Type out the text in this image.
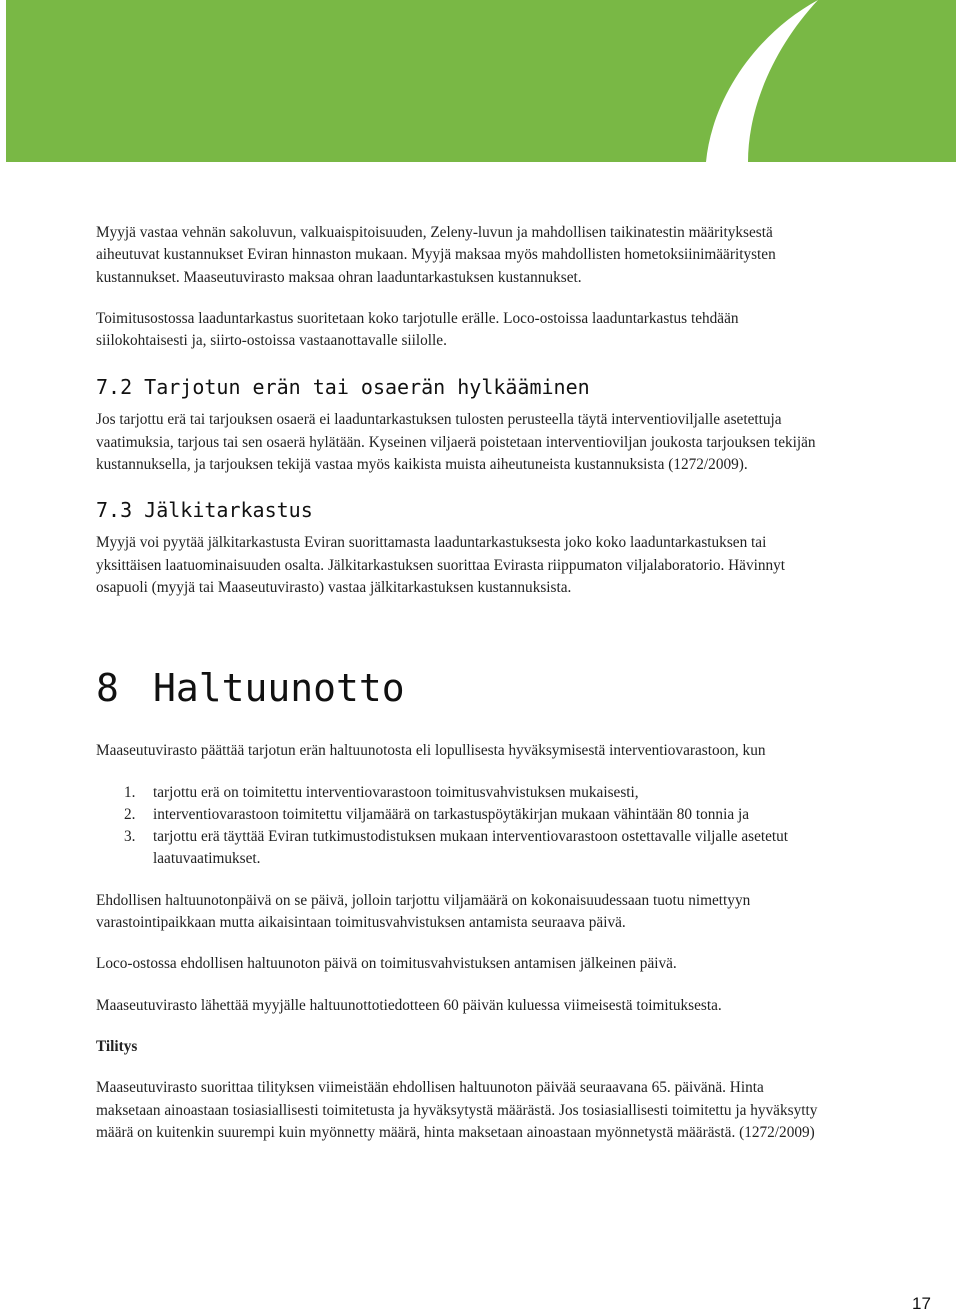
Myyjä vastaa vehnän sakoluvun, valkuaispitoisuuden, Zeleny-luvun ja mahdollisen taikinatestin määrityksestä aiheutuvat kustannukset Eviran hinnaston mukaan. Myyjä maksaa myös mahdollisten hometoksiinimääritysten kustannukset. Maaseutuvirasto maksaa ohran laaduntarkastuksen kustannukset.

Toimitusostossa laaduntarkastus suoritetaan koko tarjotulle erälle. Loco-ostoissa laaduntarkastus tehdään siilokohtaisesti ja, siirto-ostoissa vastaanottavalle siilolle.

7.2 Tarjotun erän tai osaerän hylkääminen

Jos tarjottu erä tai tarjouksen osaerä ei laaduntarkastuksen tulosten perusteella täytä interventioviljalle asetettuja vaatimuksia, tarjous tai sen osaerä hylätään. Kyseinen viljaerä poistetaan interventioviljan joukosta tarjouksen tekijän kustannuksella, ja tarjouksen tekijä vastaa myös kaikista muista aiheutuneista kustannuksista (1272/2009).

7.3 Jälkitarkastus

Myyjä voi pyytää jälkitarkastusta Eviran suorittamasta laaduntarkastuksesta joko koko laaduntarkastuksen tai yksittäisen laatuominaisuuden osalta. Jälkitarkastuksen suorittaa Evirasta riippumaton viljalaboratorio. Hävinnyt osapuoli (myyjä tai Maaseutuvirasto) vastaa jälkitarkastuksen kustannuksista.

8 Haltuunotto

Maaseutuvirasto päättää tarjotun erän haltuunotosta eli lopullisesta hyväksymisestä interventiovarastoon, kun

1. tarjottu erä on toimitettu interventiovarastoon toimitusvahvistuksen mukaisesti,
2. interventiovarastoon toimitettu viljamäärä on tarkastuspöytäkirjan mukaan vähintään 80 tonnia ja
3. tarjottu erä täyttää Eviran tutkimustodistuksen mukaan interventiovarastoon ostettavalle viljalle asetetut laatuvaatimukset.

Ehdollisen haltuunotonpäivä on se päivä, jolloin tarjottu viljamäärä on kokonaisuudessaan tuotu nimettyyn varastointipaikkaan mutta aikaisintaan toimitusvahvistuksen antamista seuraava päivä.

Loco-ostossa ehdollisen haltuunoton päivä on toimitusvahvistuksen antamisen jälkeinen päivä.

Maaseutuvirasto lähettää myyjälle haltuunottotiedotteen 60 päivän kuluessa viimeisestä toimituksesta.

Tilitys

Maaseutuvirasto suorittaa tilityksen viimeistään ehdollisen haltuunoton päivää seuraavana 65. päivänä. Hinta maksetaan ainoastaan tosiasiallisesti toimitetusta ja hyväksytystä määrästä. Jos tosiasiallisesti toimitettu ja hyväksytty määrä on kuitenkin suurempi kuin myönnetty määrä, hinta maksetaan ainoastaan myönnetystä määrästä. (1272/2009)

17
